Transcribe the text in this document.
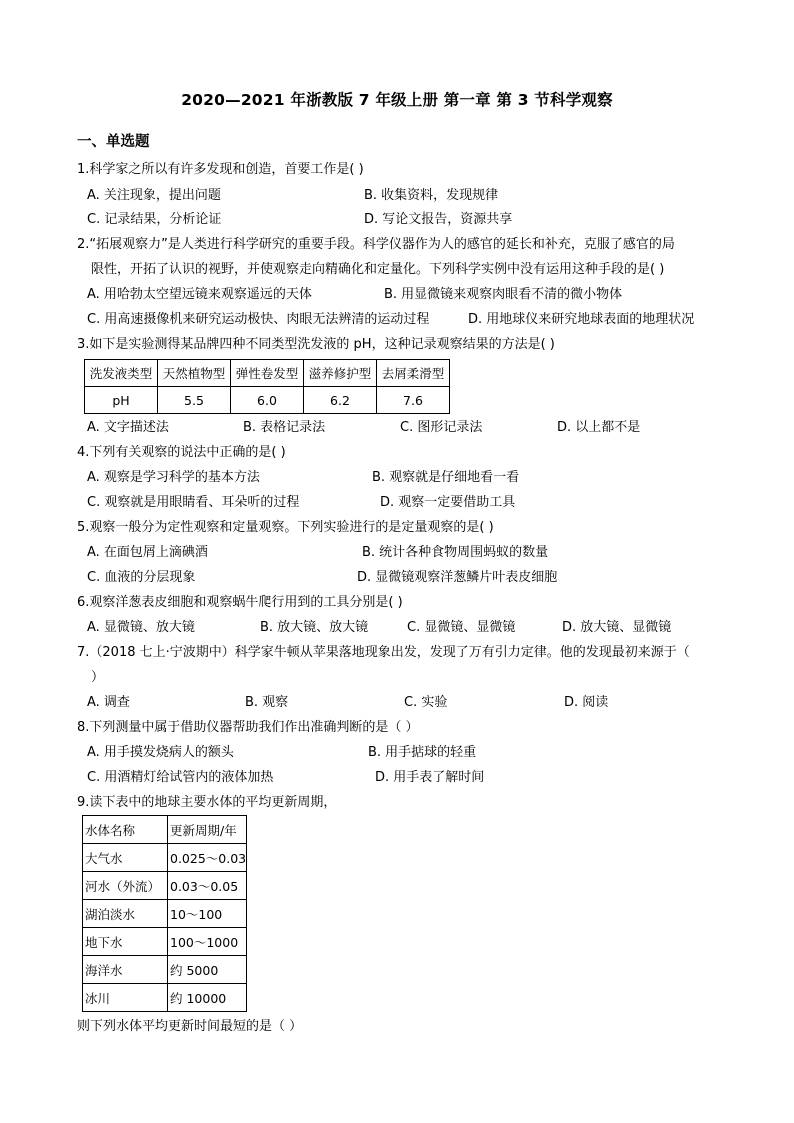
2020—2021 年浙教版 7 年级上册 第一章 第 3 节科学观察
一、单选题
1.科学家之所以有许多发现和创造，首要工作是( )
A. 关注现象，提出问题	B. 收集资料，发现规律
C. 记录结果，分析论证	D. 写论文报告，资源共享
2.“拓展观察力”是人类进行科学研究的重要手段。科学仪器作为人的感官的延长和补充，克服了感官的局
限性，开拓了认识的视野，并使观察走向精确化和定量化。下列科学实例中没有运用这种手段的是( )
A. 用哈勃太空望远镜来观察遥远的天体	B. 用显微镜来观察肉眼看不清的微小物体
C. 用高速摄像机来研究运动极快、肉眼无法辨清的运动过程	D. 用地球仪来研究地球表面的地理状况
3.如下是实验测得某品牌四种不同类型洗发液的 pH，这种记录观察结果的方法是( )
洗发液类型	天然植物型	弹性卷发型	滋养修护型	去屑柔滑型
pH	5.5	6.0	6.2	7.6
A. 文字描述法	B. 表格记录法	C. 图形记录法	D. 以上都不是
4.下列有关观察的说法中正确的是( )
A. 观察是学习科学的基本方法	B. 观察就是仔细地看一看
C. 观察就是用眼睛看、耳朵听的过程	D. 观察一定要借助工具
5.观察一般分为定性观察和定量观察。下列实验进行的是定量观察的是( )
A. 在面包屑上滴碘酒	B. 统计各种食物周围蚂蚁的数量
C. 血液的分层现象	D. 显微镜观察洋葱鳞片叶表皮细胞
6.观察洋葱表皮细胞和观察蜗牛爬行用到的工具分别是( )
A. 显微镜、放大镜	B. 放大镜、放大镜	C. 显微镜、显微镜	D. 放大镜、显微镜
7.（2018 七上·宁波期中）科学家牛顿从苹果落地现象出发，发现了万有引力定律。他的发现最初来源于（
）
A. 调查	B. 观察	C. 实验	D. 阅读
8.下列测量中属于借助仪器帮助我们作出准确判断的是（ ）
A. 用手摸发烧病人的额头	B. 用手掂球的轻重
C. 用酒精灯给试管内的液体加热	D. 用手表了解时间
9.读下表中的地球主要水体的平均更新周期，
水体名称	更新周期/年
大气水	0.025～0.03
河水（外流）	0.03～0.05
湖泊淡水	10～100
地下水	100～1000
海洋水	约 5000
冰川	约 10000
则下列水体平均更新时间最短的是（ ）
